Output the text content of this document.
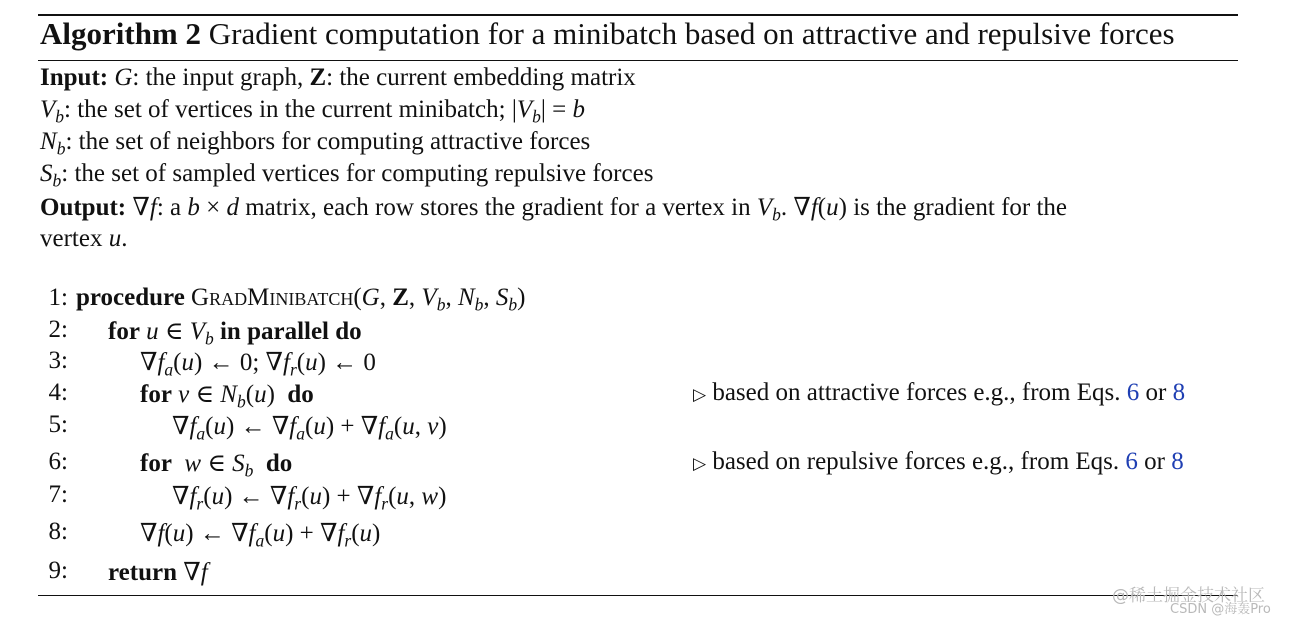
Algorithm 2 Gradient computation for a minibatch based on attractive and repulsive forces
Input: G: the input graph, Z: the current embedding matrix
$V_b$: the set of vertices in the current minibatch; $|V_b| = b$
$N_b$: the set of neighbors for computing attractive forces
$S_b$: the set of sampled vertices for computing repulsive forces
Output: ∇f: a b × d matrix, each row stores the gradient for a vertex in $V_b$. ∇f(u) is the gradient for the
vertex u.
1:
2:
3:
4:
5:
6:
7:
8:
9:
procedure GradMinibatch(G, Z, $V_b$, $N_b$, $S_b$)
for u ∈ $V_b$ in parallel do
$\nabla f_a(u)$ ← 0; $\nabla f_r(u)$ ← 0
for v ∈ $N_b(u)$  do	▷ based on attractive forces e.g., from Eqs. 6 or 8
$\nabla f_a(u)$ ← $\nabla f_a(u) + \nabla f_a(u$, v)
for w ∈ $S_b$ do	▷ based on repulsive forces e.g., from Eqs. 6 or 8
$\nabla f_r(u)$ ← $\nabla f_r(u) + \nabla f_r(u$, w)
∇f(u) ← $\nabla f_a(u) + \nabla f_r(u)$
return ∇f
@稀土掘金技术社区
CSDN @海轰Pro
